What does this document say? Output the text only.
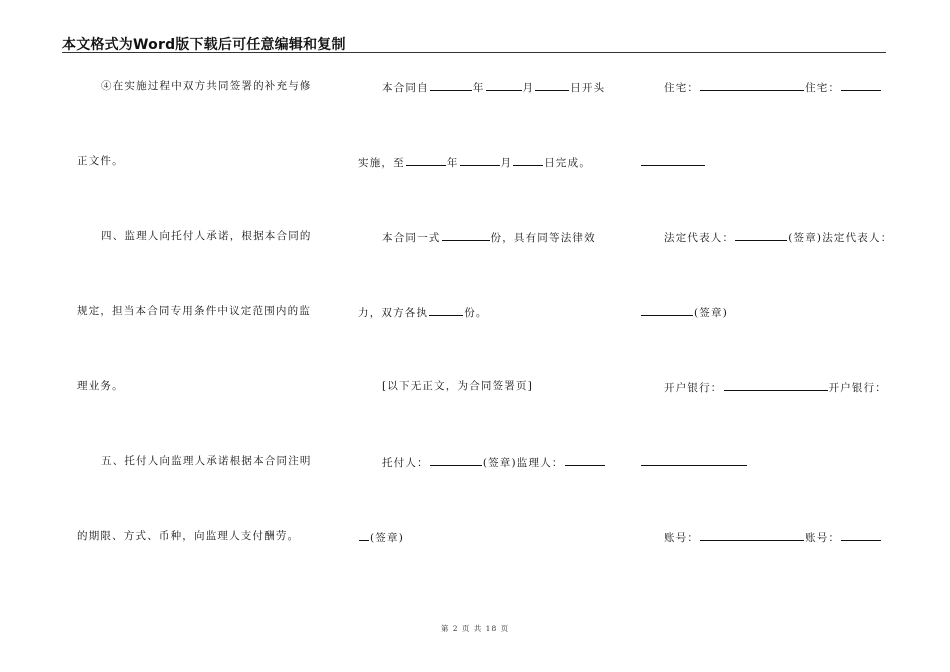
本文格式为Word版下载后可任意编辑和复制
④在实施过程中双方共同签署的补充与修
正文件。
四、监理人向托付人承诺，根据本合同的
规定，担当本合同专用条件中议定范围内的监
理业务。
五、托付人向监理人承诺根据本合同注明
的期限、方式、币种，向监理人支付酬劳。
本合同自	年	月	日开头
实施，至	年	月	日完成。
本合同一式	份，具有同等法律效
力，双方各执	份。
[以下无正文，为合同签署页]
托付人：	(签章)监理人：
(签章)
住宅：	住宅：
法定代表人：	(签章)法定代表人：
(签章)
开户银行：	开户银行：
账号：	账号：
第 2 页 共 18 页
